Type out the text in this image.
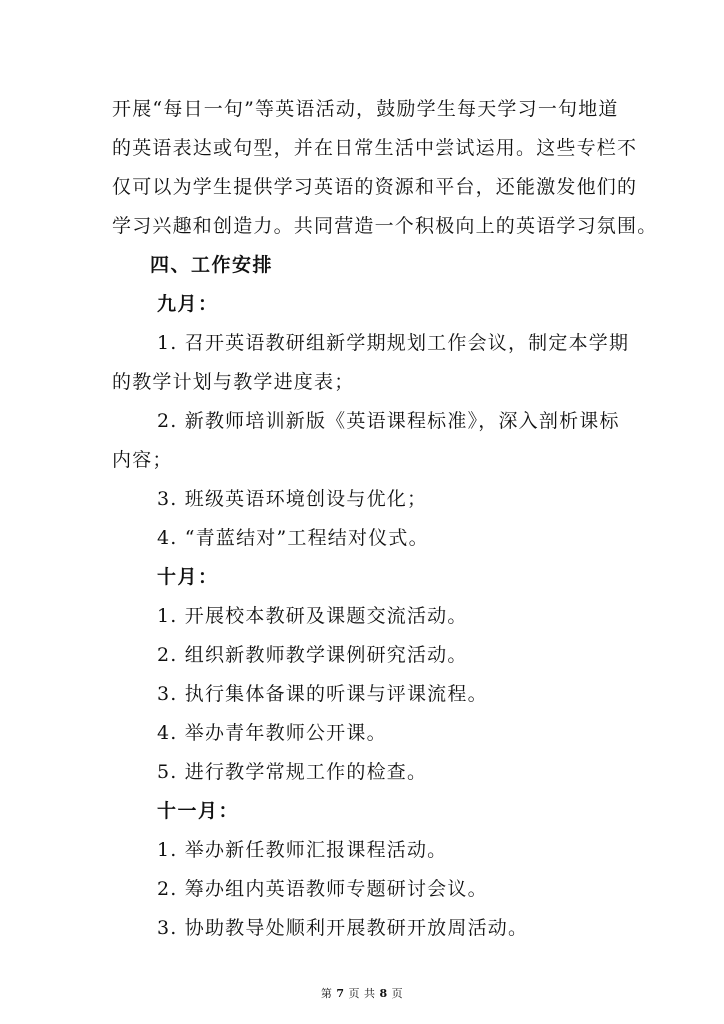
开展“每日一句”等英语活动，鼓励学生每天学习一句地道
的英语表达或句型，并在日常生活中尝试运用。这些专栏不
仅可以为学生提供学习英语的资源和平台，还能激发他们的
学习兴趣和创造力。共同营造一个积极向上的英语学习氛围。
四、工作安排
九月：
1. 召开英语教研组新学期规划工作会议，制定本学期
的教学计划与教学进度表；
2. 新教师培训新版《英语课程标准》，深入剖析课标
内容；
3. 班级英语环境创设与优化；
4. “青蓝结对”工程结对仪式。
十月：
1. 开展校本教研及课题交流活动。
2. 组织新教师教学课例研究活动。
3. 执行集体备课的听课与评课流程。
4. 举办青年教师公开课。
5. 进行教学常规工作的检查。
十一月：
1. 举办新任教师汇报课程活动。
2. 筹办组内英语教师专题研讨会议。
3. 协助教导处顺利开展教研开放周活动。
第 7 页 共 8 页
